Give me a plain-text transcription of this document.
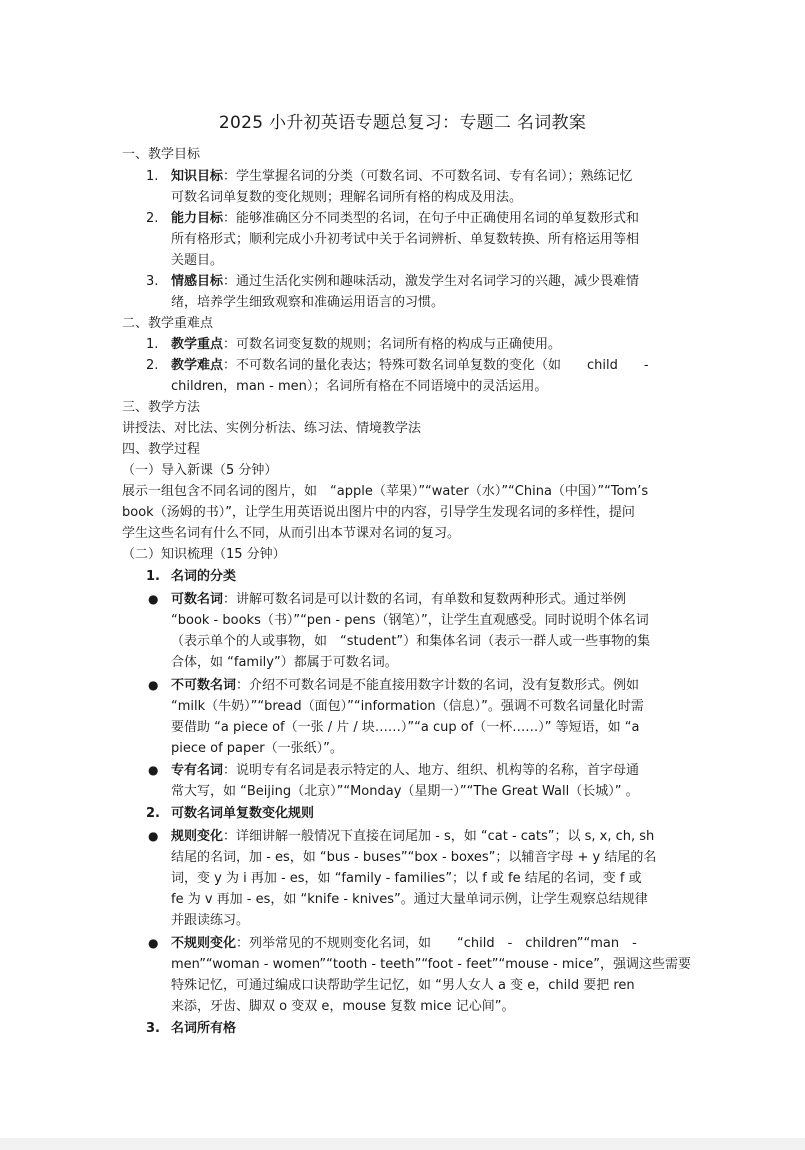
2025 小升初英语专题总复习：专题二 名词教案
一、教学目标
1. 知识目标：学生掌握名词的分类（可数名词、不可数名词、专有名词）；熟练记忆
可数名词单复数的变化规则；理解名词所有格的构成及用法。
2. 能力目标：能够准确区分不同类型的名词，在句子中正确使用名词的单复数形式和
所有格形式；顺利完成小升初考试中关于名词辨析、单复数转换、所有格运用等相
关题目。
3. 情感目标：通过生活化实例和趣味活动，激发学生对名词学习的兴趣，减少畏难情
绪，培养学生细致观察和准确运用语言的习惯。
二、教学重难点
1. 教学重点：可数名词变复数的规则；名词所有格的构成与正确使用。
2. 教学难点：不可数名词的量化表达；特殊可数名词单复数的变化（如　　child　　-
children，man - men）；名词所有格在不同语境中的灵活运用。
三、教学方法
讲授法、对比法、实例分析法、练习法、情境教学法
四、教学过程
（一）导入新课（5 分钟）
展示一组包含不同名词的图片，如　“apple（苹果）”“water（水）”“China（中国）”“Tom’s
book（汤姆的书）”，让学生用英语说出图片中的内容，引导学生发现名词的多样性，提问
学生这些名词有什么不同，从而引出本节课对名词的复习。
（二）知识梳理（15 分钟）
1. 名词的分类
● 可数名词：讲解可数名词是可以计数的名词，有单数和复数两种形式。通过举例
“book - books（书）”“pen - pens（钢笔）”，让学生直观感受。同时说明个体名词
（表示单个的人或事物，如　“student”）和集体名词（表示一群人或一些事物的集
合体，如 “family”）都属于可数名词。
● 不可数名词：介绍不可数名词是不能直接用数字计数的名词，没有复数形式。例如
“milk（牛奶）”“bread（面包）”“information（信息）”。强调不可数名词量化时需
要借助 “a piece of（一张 / 片 / 块……）”“a cup of（一杯……）” 等短语，如 “a
piece of paper（一张纸）”。
● 专有名词：说明专有名词是表示特定的人、地方、组织、机构等的名称，首字母通
常大写，如 “Beijing（北京）”“Monday（星期一）”“The Great Wall（长城）” 。
2. 可数名词单复数变化规则
● 规则变化：详细讲解一般情况下直接在词尾加 - s，如 “cat - cats”；以 s, x, ch, sh
结尾的名词，加 - es，如 “bus - buses”“box - boxes”；以辅音字母 + y 结尾的名
词，变 y 为 i 再加 - es，如 “family - families”；以 f 或 fe 结尾的名词，变 f 或
fe 为 v 再加 - es，如 “knife - knives”。通过大量单词示例，让学生观察总结规律
并跟读练习。
● 不规则变化：列举常见的不规则变化名词，如　　“child　-　children”“man　-
men”“woman - women”“tooth - teeth”“foot - feet”“mouse - mice”，强调这些需要
特殊记忆，可通过编成口诀帮助学生记忆，如 “男人女人 a 变 e，child 要把 ren
来添，牙齿、脚双 o 变双 e，mouse 复数 mice 记心间”。
3. 名词所有格
